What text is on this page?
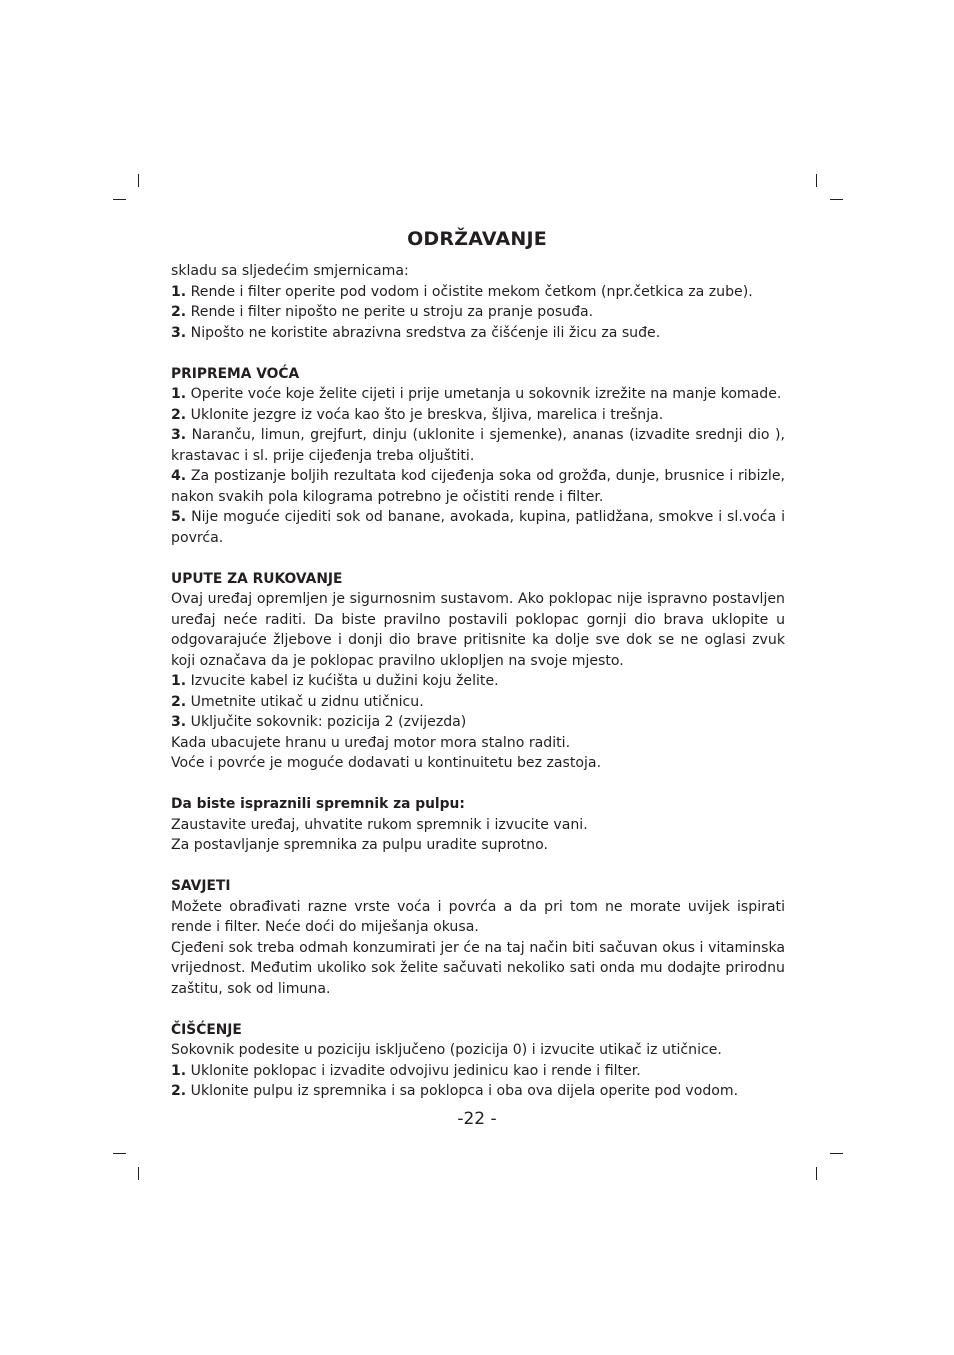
ODRŽAVANJE

skladu sa sljedećim smjernicama:

1. Rende i filter operite pod vodom i očistite mekom četkom (npr.četkica za zube).

2. Rende i filter nipošto ne perite u stroju za pranje posuđa.

3. Nipošto ne koristite abrazivna sredstva za čišćenje ili žicu za suđe.

PRIPREMA VOĆA

1. Operite voće koje želite cijeti i prije umetanja u sokovnik izrežite na manje komade.

2. Uklonite jezgre iz voća kao što je breskva, šljiva, marelica i trešnja.

3. Naranču, limun, grejfurt, dinju (uklonite i sjemenke), ananas (izvadite srednji dio ), krastavac i sl. prije cijeđenja treba oljuštiti.

4. Za postizanje boljih rezultata kod cijeđenja soka od grožđa, dunje, brusnice i ribizle, nakon svakih pola kilograma potrebno je očistiti rende i filter.

5. Nije moguće cijediti sok od banane, avokada, kupina, patlidžana, smokve i sl.voća i povrća.

UPUTE ZA RUKOVANJE

Ovaj uređaj opremljen je sigurnosnim sustavom. Ako poklopac nije ispravno postavljen uređaj neće raditi. Da biste pravilno postavili poklopac gornji dio brava uklopite u odgovarajuće žljebove i donji dio brave pritisnite ka dolje sve dok se ne oglasi zvuk koji označava da je poklopac pravilno uklopljen na svoje mjesto.

1. Izvucite kabel iz kućišta u dužini koju želite.

2. Umetnite utikač u zidnu utičnicu.

3. Uključite sokovnik: pozicija 2 (zvijezda)

Kada ubacujete hranu u uređaj motor mora stalno raditi.

Voće i povrće je moguće dodavati u kontinuitetu bez zastoja.

Da biste ispraznili spremnik za pulpu:

Zaustavite uređaj, uhvatite rukom spremnik i izvucite vani.

Za postavljanje spremnika za pulpu uradite suprotno.

SAVJETI

Možete obrađivati razne vrste voća i povrća a da pri tom ne morate uvijek ispirati rende i filter. Neće doći do miješanja okusa.

Cjeđeni sok treba odmah konzumirati jer će na taj način biti sačuvan okus i vitaminska vrijednost. Međutim ukoliko sok želite sačuvati nekoliko sati onda mu dodajte prirodnu zaštitu, sok od limuna.

ČIŠĆENJE

Sokovnik podesite u poziciju isključeno (pozicija 0) i izvucite utikač iz utičnice.

1. Uklonite poklopac i izvadite odvojivu jedinicu kao i rende i filter.

2. Uklonite pulpu iz spremnika i sa poklopca i oba ova dijela operite pod vodom.

-22 -
